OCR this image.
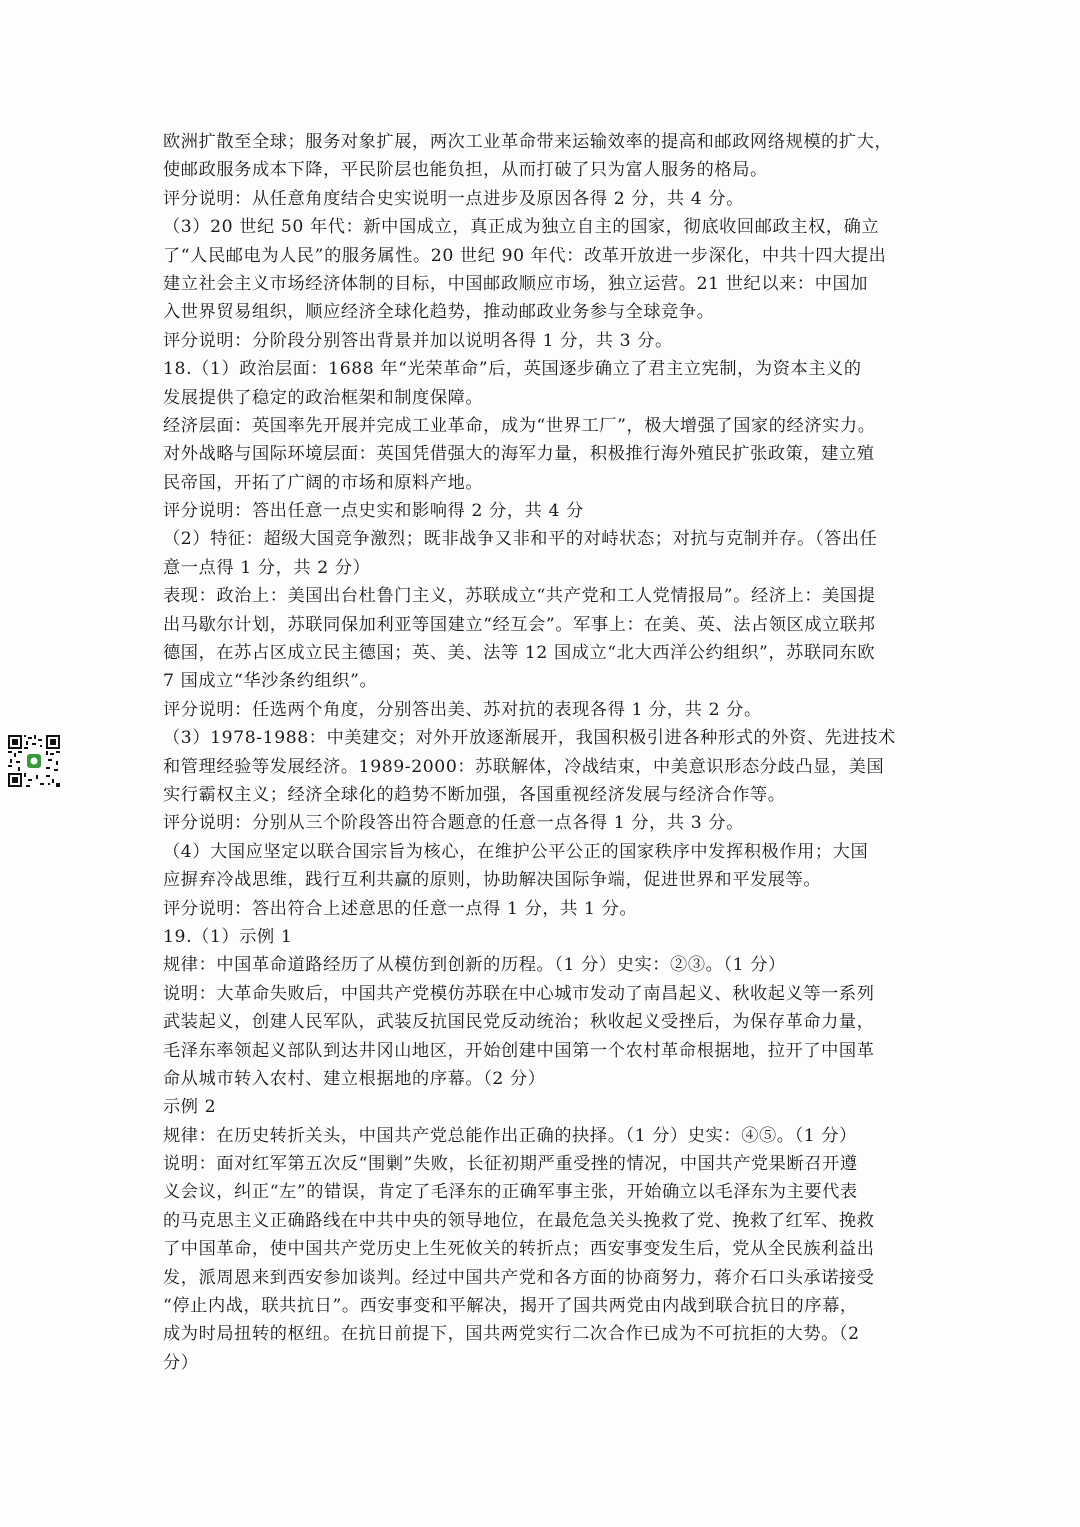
欧洲扩散至全球；服务对象扩展，两次工业革命带来运输效率的提高和邮政网络规模的扩大，
使邮政服务成本下降，平民阶层也能负担，从而打破了只为富人服务的格局。
评分说明：从任意角度结合史实说明一点进步及原因各得 2 分，共 4 分。
（3）20 世纪 50 年代：新中国成立，真正成为独立自主的国家，彻底收回邮政主权，确立
了“人民邮电为人民”的服务属性。20 世纪 90 年代：改革开放进一步深化，中共十四大提出
建立社会主义市场经济体制的目标，中国邮政顺应市场，独立运营。21 世纪以来：中国加
入世界贸易组织，顺应经济全球化趋势，推动邮政业务参与全球竞争。
评分说明：分阶段分别答出背景并加以说明各得 1 分，共 3 分。
18.（1）政治层面：1688 年“光荣革命”后，英国逐步确立了君主立宪制，为资本主义的
发展提供了稳定的政治框架和制度保障。
经济层面：英国率先开展并完成工业革命，成为“世界工厂”，极大增强了国家的经济实力。
对外战略与国际环境层面：英国凭借强大的海军力量，积极推行海外殖民扩张政策，建立殖
民帝国，开拓了广阔的市场和原料产地。
评分说明：答出任意一点史实和影响得 2 分，共 4 分
（2）特征：超级大国竞争激烈；既非战争又非和平的对峙状态；对抗与克制并存。（答出任
意一点得 1 分，共 2 分）
表现：政治上：美国出台杜鲁门主义，苏联成立“共产党和工人党情报局”。经济上：美国提
出马歇尔计划，苏联同保加利亚等国建立“经互会”。军事上：在美、英、法占领区成立联邦
德国，在苏占区成立民主德国；英、美、法等 12 国成立“北大西洋公约组织”，苏联同东欧
7 国成立“华沙条约组织”。
评分说明：任选两个角度，分别答出美、苏对抗的表现各得 1 分，共 2 分。
（3）1978-1988：中美建交；对外开放逐渐展开，我国积极引进各种形式的外资、先进技术
和管理经验等发展经济。1989-2000：苏联解体，冷战结束，中美意识形态分歧凸显，美国
实行霸权主义；经济全球化的趋势不断加强，各国重视经济发展与经济合作等。
评分说明：分别从三个阶段答出符合题意的任意一点各得 1 分，共 3 分。
（4）大国应坚定以联合国宗旨为核心，在维护公平公正的国家秩序中发挥积极作用；大国
应摒弃冷战思维，践行互利共赢的原则，协助解决国际争端，促进世界和平发展等。
评分说明：答出符合上述意思的任意一点得 1 分，共 1 分。
19.（1）示例 1
规律：中国革命道路经历了从模仿到创新的历程。（1 分）史实：②③。（1 分）
说明：大革命失败后，中国共产党模仿苏联在中心城市发动了南昌起义、秋收起义等一系列
武装起义，创建人民军队，武装反抗国民党反动统治；秋收起义受挫后，为保存革命力量，
毛泽东率领起义部队到达井冈山地区，开始创建中国第一个农村革命根据地，拉开了中国革
命从城市转入农村、建立根据地的序幕。（2 分）
示例 2
规律：在历史转折关头，中国共产党总能作出正确的抉择。（1 分）史实：④⑤。（1 分）
说明：面对红军第五次反“围剿”失败，长征初期严重受挫的情况，中国共产党果断召开遵
义会议，纠正“左”的错误，肯定了毛泽东的正确军事主张，开始确立以毛泽东为主要代表
的马克思主义正确路线在中共中央的领导地位，在最危急关头挽救了党、挽救了红军、挽救
了中国革命，使中国共产党历史上生死攸关的转折点；西安事变发生后，党从全民族利益出
发，派周恩来到西安参加谈判。经过中国共产党和各方面的协商努力，蒋介石口头承诺接受
“停止内战，联共抗日”。西安事变和平解决，揭开了国共两党由内战到联合抗日的序幕，
成为时局扭转的枢纽。在抗日前提下，国共两党实行二次合作已成为不可抗拒的大势。（2
分）
